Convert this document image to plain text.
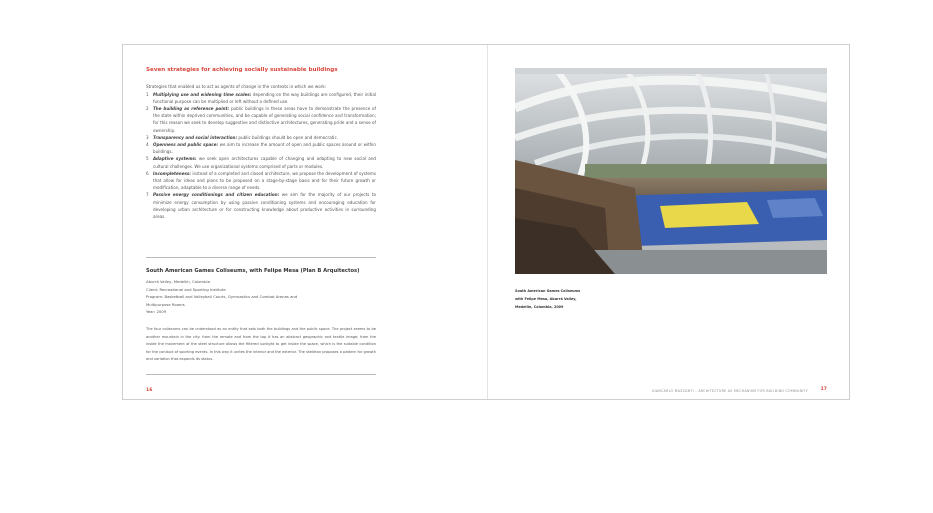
Seven strategies for achieving socially sustainable buildings
Strategies that enabled us to act as agents of change in the contexts in which we work:
1 Multiplying use and widening time scales: depending on the way buildings are configured, their initial functional purpose can be multiplied or left without a defined use.
2 The building as reference point: public buildings in these areas have to demonstrate the presence of the state within deprived communities, and be capable of generating social confidence and transformation; for this reason we seek to develop suggestive and distinctive architectures, generating pride and a sense of ownership.
3 Transparency and social interaction: public buildings should be open and democratic.
4 Openness and public space: we aim to increase the amount of open and public spaces around or within buildings.
5 Adaptive systems: we seek open architectures capable of changing and adapting to new social and cultural challenges. We use organizational systems comprised of parts or modules.
6 Incompleteness: instead of a completed and closed architecture, we propose the development of systems that allow for ideas and plans to be proposed on a stage-by-stage basis and for their future growth or modification, adaptable to a diverse range of needs.
7 Passive energy conditionings and citizen education: we aim for the majority of our projects to minimize energy consumption by using passive conditioning systems and encouraging education for developing urban architecture or for constructing knowledge about productive activities in surrounding areas.
South American Games Coliseums, with Felipe Mesa (Plan B Arquitectos)
Aburrá Valley, Medellín, Colombia
Client: Recreational and Sporting Institute
Program: Basketball and Volleyball Courts, Gymnastics and Combat Arenas and
Multipurpose Rooms
Year: 2009
The four coliseums can be understood as an entity that sets both the buildings and the public space. The project seems to be another mountain in the city: from the remote and from the top it has an abstract geographic and textile image; from the inside the movement of the steel structure allows the filtered sunlight to get inside the space, which is the suitable condition for the conduct of sporting events. In this way it unites the interior and the exterior. The skeleton proposes a pattern for growth and variation that expands its status.
16
South American Games Coliseums
with Felipe Mesa, Aburrá Valley,
Medellín, Colombia, 2009
GIANCARLO MAZZANTI – ARCHITECTURE AS MECHANISM FOR BUILDING COMMUNITY	17
